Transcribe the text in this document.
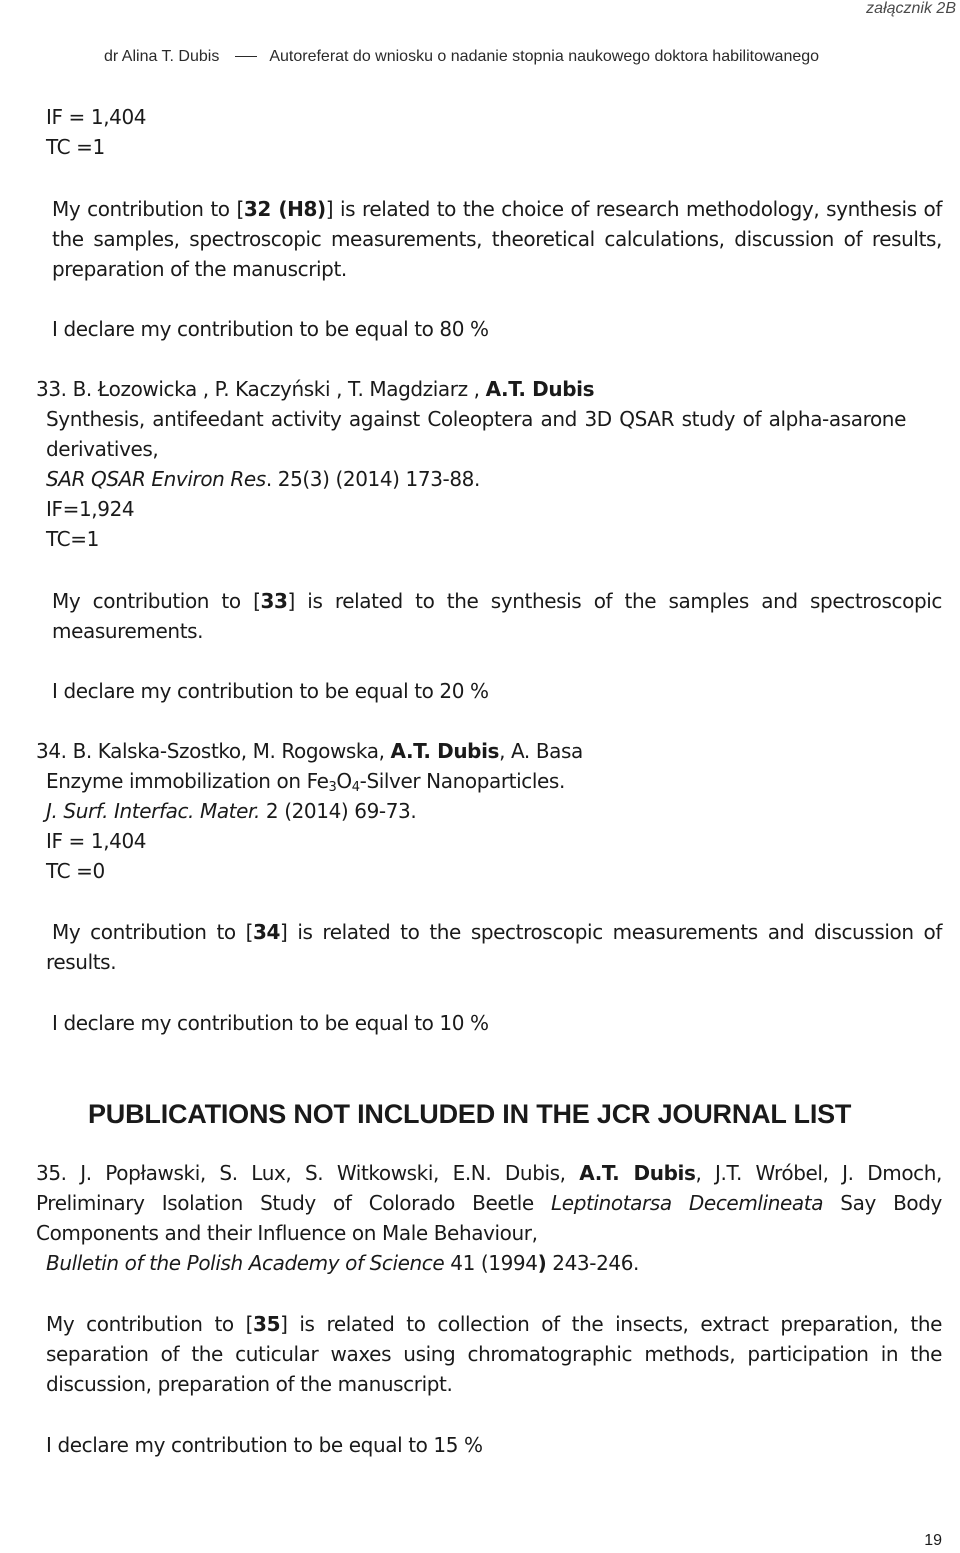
załącznik 2B
dr Alina T. Dubis	Autoreferat do wniosku o nadanie stopnia naukowego doktora habilitowanego
IF = 1,404
TC =1
My contribution to [32 (H8)] is related to the choice of research methodology, synthesis of the samples, spectroscopic measurements, theoretical calculations, discussion of results, preparation of the manuscript.
I declare my contribution to be equal to 80 %
33. B. Łozowicka , P. Kaczyński , T. Magdziarz , A.T. Dubis
Synthesis, antifeedant activity against Coleoptera and 3D QSAR study of alpha-asarone derivatives,
SAR QSAR Environ Res. 25(3) (2014) 173-88.
IF=1,924
TC=1
My contribution to [33] is related to the synthesis of the samples and spectroscopic measurements.
I declare my contribution to be equal to 20 %
34. B. Kalska-Szostko, M. Rogowska, A.T. Dubis, A. Basa
Enzyme immobilization on $Fe_3O_4$-Silver Nanoparticles.
J. Surf. Interfac. Mater. 2 (2014) 69-73.
IF = 1,404
TC =0
My contribution to [34] is related to the spectroscopic measurements and discussion of results.
I declare my contribution to be equal to 10 %
PUBLICATIONS NOT INCLUDED IN THE JCR JOURNAL LIST
35. J. Popławski, S. Lux, S. Witkowski, E.N. Dubis, A.T. Dubis, J.T. Wróbel, J. Dmoch, Preliminary Isolation Study of Colorado Beetle Leptinotarsa Decemlineata Say Body Components and their Influence on Male Behaviour,
Bulletin of the Polish Academy of Science 41 (1994) 243-246.
My contribution to [35] is related to collection of the insects, extract preparation, the separation of the cuticular waxes using chromatographic methods, participation in the discussion, preparation of the manuscript.
I declare my contribution to be equal to 15 %
19
